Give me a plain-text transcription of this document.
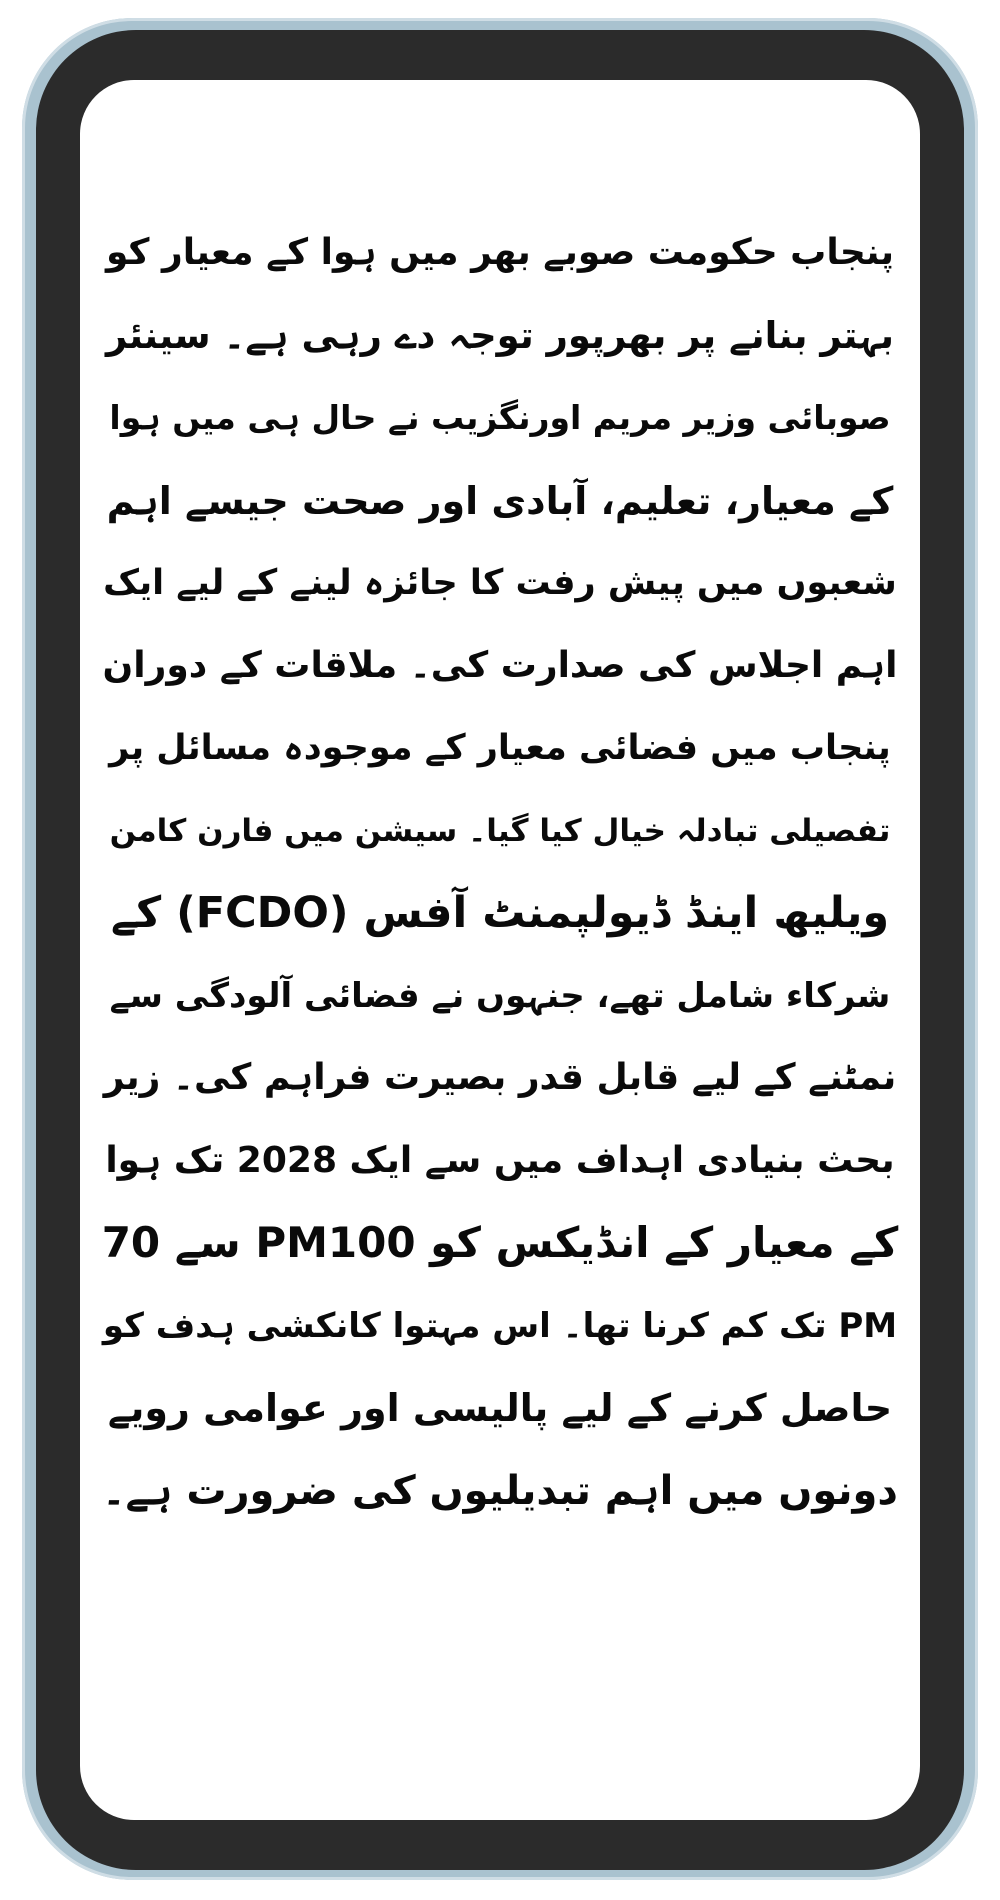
پنجاب حکومت صوبے بھر میں ہوا کے معیار کو
بہتر بنانے پر بھرپور توجہ دے رہی ہے۔ سینئر
صوبائی وزیر مریم اورنگزیب نے حال ہی میں ہوا
کے معیار، تعلیم، آبادی اور صحت جیسے اہم
شعبوں میں پیش رفت کا جائزہ لینے کے لیے ایک
اہم اجلاس کی صدارت کی۔ ملاقات کے دوران
پنجاب میں فضائی معیار کے موجودہ مسائل پر
تفصیلی تبادلہ خیال کیا گیا۔ سیشن میں فارن کامن
ویلیھ اینڈ ڈیولپمنٹ آفس (FCDO) کے
شرکاء شامل تھے، جنہوں نے فضائی آلودگی سے
نمٹنے کے لیے قابل قدر بصیرت فراہم کی۔ زیر
بحث بنیادی اہداف میں سے ایک 2028 تک ہوا
کے معیار کے انڈیکس کو PM100 سے 70
PM تک کم کرنا تھا۔ اس مہتوا کانکشی ہدف کو
حاصل کرنے کے لیے پالیسی اور عوامی رویے
دونوں میں اہم تبدیلیوں کی ضرورت ہے۔
